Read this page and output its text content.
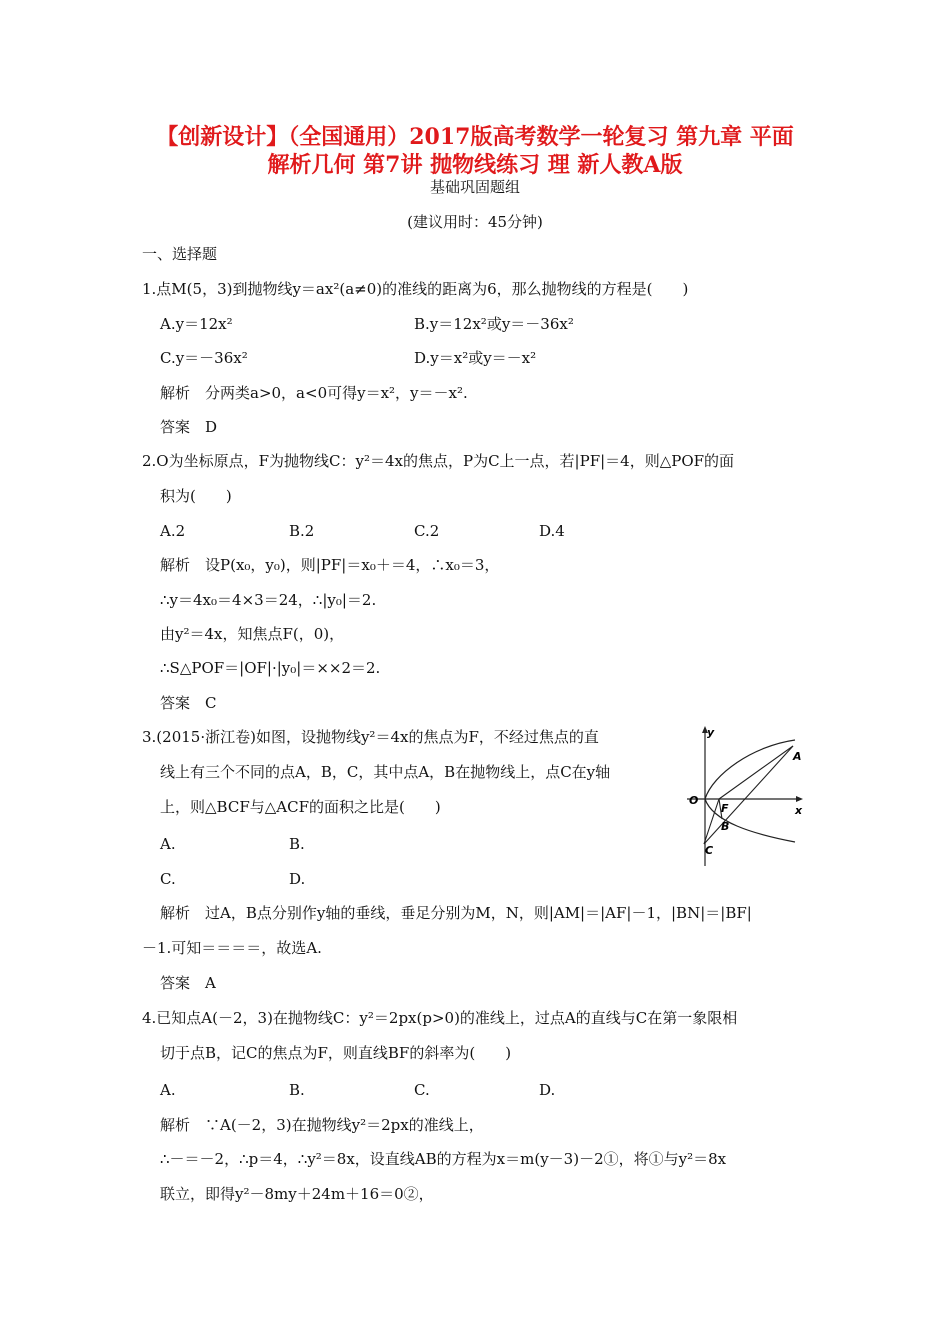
【创新设计】（全国通用）2017版高考数学一轮复习 第九章 平面
解析几何 第7讲 抛物线练习 理 新人教A版
基础巩固题组
(建议用时：45分钟)
一、选择题
1.点M(5，3)到抛物线y＝ax²(a≠0)的准线的距离为6，那么抛物线的方程是(　　)
A.y＝12x²	B.y＝12x²或y＝－36x²
C.y＝－36x²	D.y＝x²或y＝－x²
解析　分两类a>0，a<0可得y＝x²，y＝－x².
答案　D
2.O为坐标原点，F为抛物线C：y²＝4x的焦点，P为C上一点，若|PF|＝4，则△POF的面
积为(　　)
A.2	B.2	C.2	D.4
解析　设P(x₀，y₀)，则|PF|＝x₀＋＝4，∴x₀＝3，
∴y＝4x₀＝4×3＝24，∴|y₀|＝2.
由y²＝4x，知焦点F(，0)，
∴S△POF＝|OF|·|y₀|＝××2＝2.
答案　C
3.(2015·浙江卷)如图，设抛物线y²＝4x的焦点为F，不经过焦点的直
线上有三个不同的点A，B，C，其中点A，B在抛物线上，点C在y轴
上，则△BCF与△ACF的面积之比是(　　)
A.	B.
C.	D.
解析　过A，B点分别作y轴的垂线，垂足分别为M，N，则|AM|＝|AF|－1，|BN|＝|BF|
－1.可知＝＝＝＝，故选A.
答案　A
y
x
O
F
A
B
C
4.已知点A(－2，3)在抛物线C：y²＝2px(p>0)的准线上，过点A的直线与C在第一象限相
切于点B，记C的焦点为F，则直线BF的斜率为(　　)
A.	B.	C.	D.
解析　∵A(－2，3)在抛物线y²＝2px的准线上，
∴－＝－2，∴p＝4，∴y²＝8x，设直线AB的方程为x＝m(y－3)－2①，将①与y²＝8x
联立，即得y²－8my＋24m＋16＝0②，
